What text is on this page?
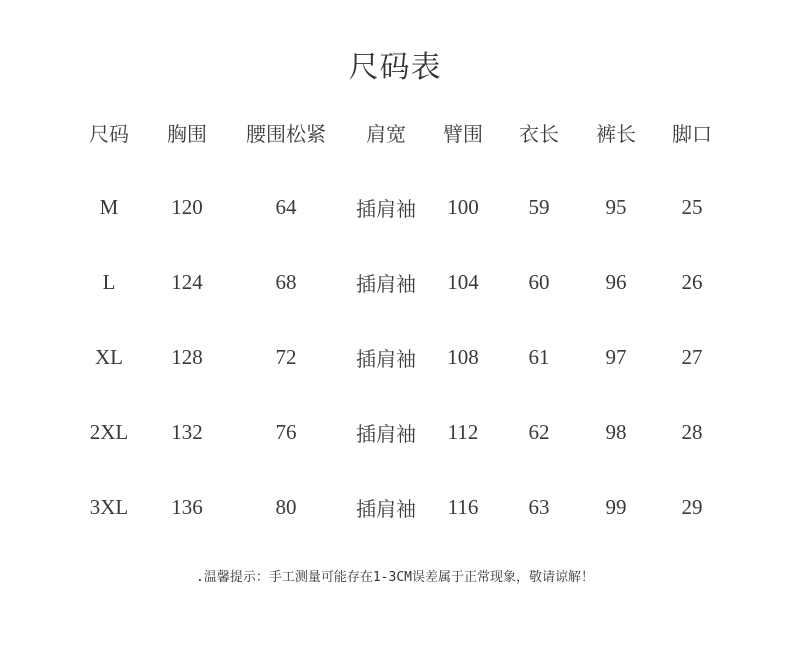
尺码表
尺码	胸围	腰围松紧	肩宽	臂围	衣长	裤长	脚口
M	120	64	插肩袖	100	59	95	25
L	124	68	插肩袖	104	60	96	26
XL	128	72	插肩袖	108	61	97	27
2XL	132	76	插肩袖	112	62	98	28
3XL	136	80	插肩袖	116	63	99	29
.温馨提示：手工测量可能存在1-3CM误差属于正常现象，敬请谅解！
